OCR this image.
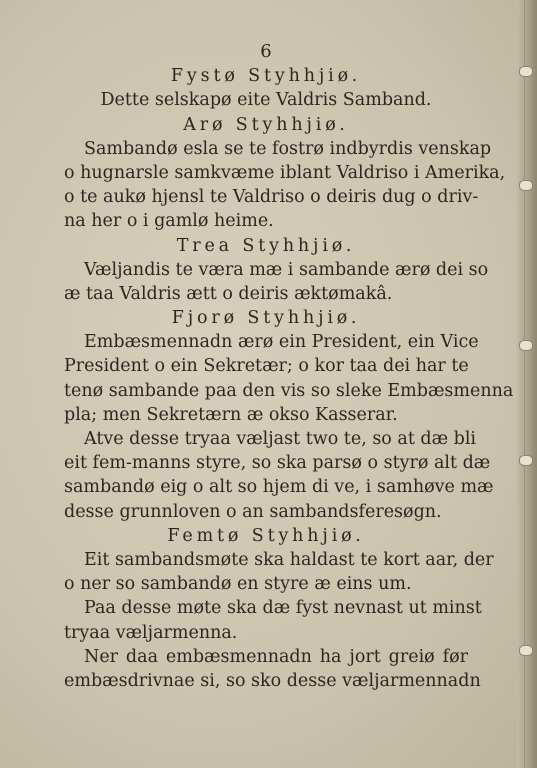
6
Fystø Styhhjiø.
Dette selskapø eite Valdris Samband.
Arø Styhhjiø.
Sambandø esla se te fostrø indbyrdis venskap
o hugnarsle samkvæme iblant Valdriso i Amerika,
o te aukø hjensl te Valdriso o deiris dug o driv-
na her o i gamlø heime.
Trea Styhhjiø.
Væljandis te væra mæ i sambande ærø dei so
æ taa Valdris ætt o deiris æktømakâ.
Fjorø Styhhjiø.
Embæsmennadn ærø ein President, ein Vice
President o ein Sekretær; o kor taa dei har te
tenø sambande paa den vis so sleke Embæsmenna
pla; men Sekretærn æ okso Kasserar.
Atve desse tryaa væljast two te, so at dæ bli
eit fem-manns styre, so ska parsø o styrø alt dæ
sambandø eig o alt so hjem di ve, i samhøve mæ
desse grunnloven o an sambandsferesøgn.
Femtø Styhhjiø.
Eit sambandsmøte ska haldast te kort aar, der
o ner so sambandø en styre æ eins um.
Paa desse møte ska dæ fyst nevnast ut minst
tryaa væljarmenna.
Ner daa embæsmennadn ha jort greiø før
embæsdrivnae si, so sko desse væljarmennadn
